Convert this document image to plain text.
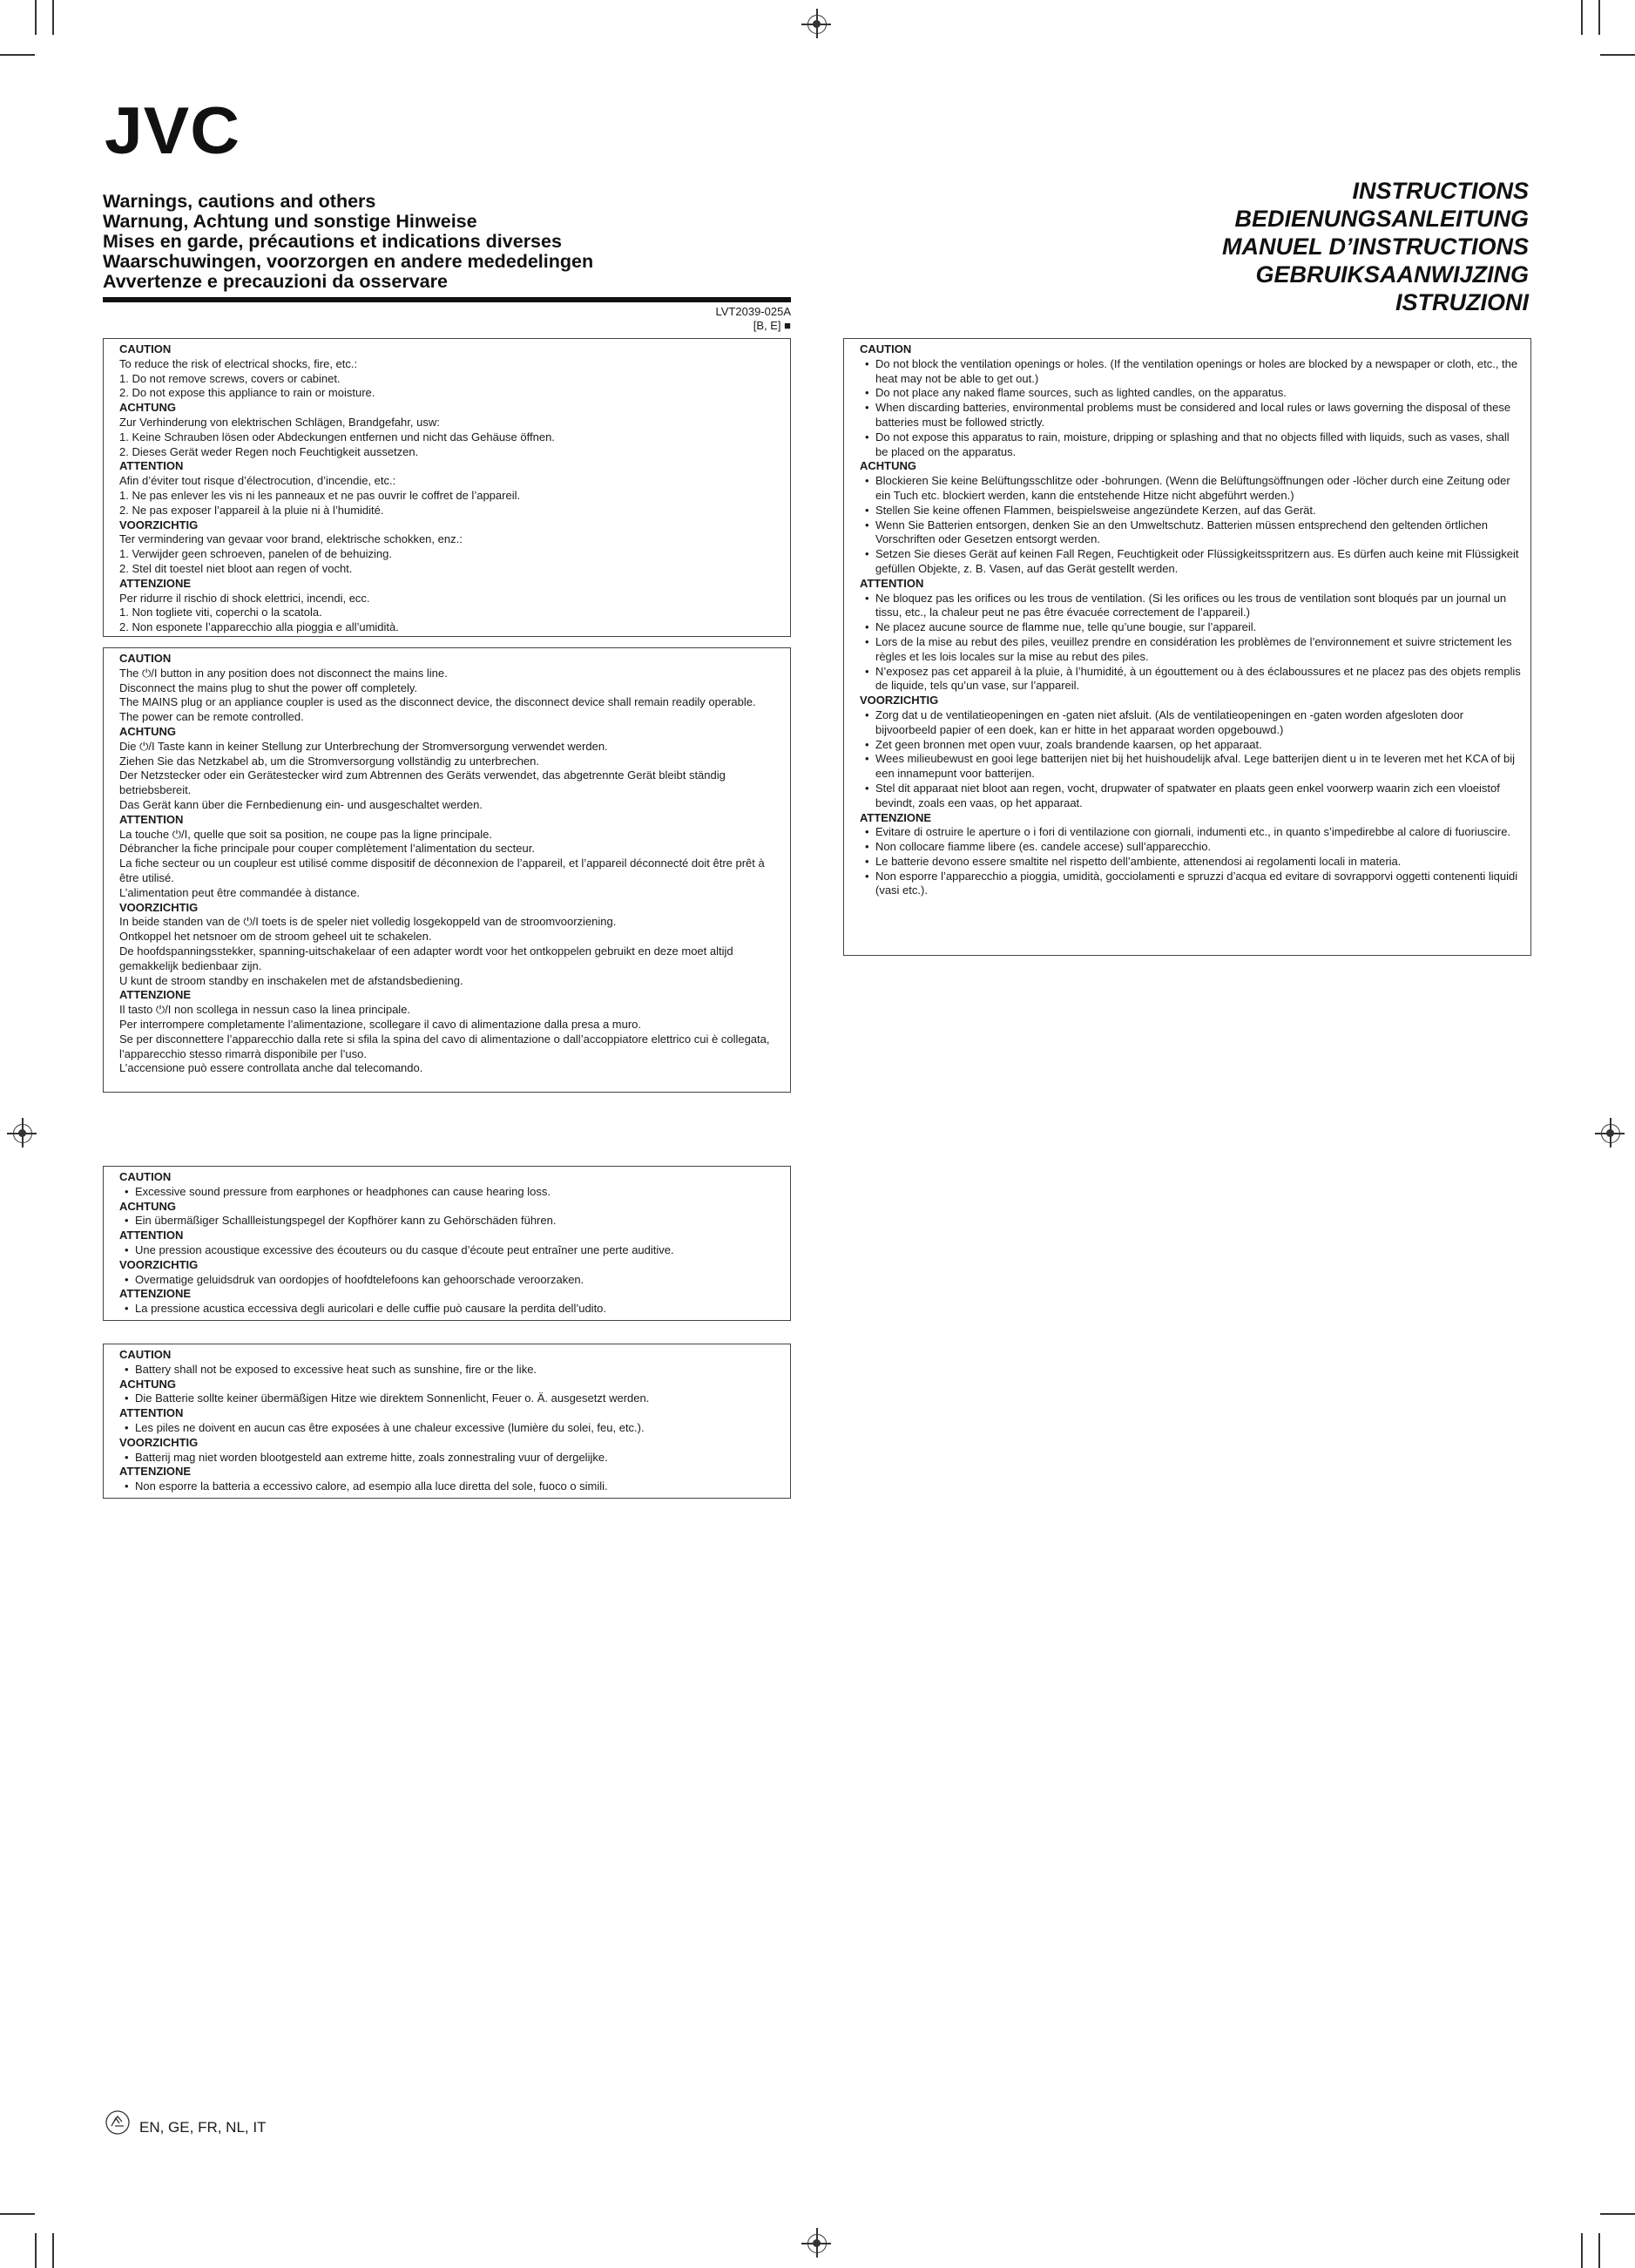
JVC
Warnings, cautions and others
Warnung, Achtung und sonstige Hinweise
Mises en garde, précautions et indications diverses
Waarschuwingen, voorzorgen en andere mededelingen
Avvertenze e precauzioni da osservare
LVT2039-025A
[B, E] ■
INSTRUCTIONS
BEDIENUNGSANLEITUNG
MANUEL D’INSTRUCTIONS
GEBRUIKSAANWIJZING
ISTRUZIONI
CAUTION
To reduce the risk of electrical shocks, fire, etc.:
1. Do not remove screws, covers or cabinet.
2. Do not expose this appliance to rain or moisture.
ACHTUNG
Zur Verhinderung von elektrischen Schlägen, Brandgefahr, usw:
1. Keine Schrauben lösen oder Abdeckungen entfernen und nicht das Gehäuse öffnen.
2. Dieses Gerät weder Regen noch Feuchtigkeit aussetzen.
ATTENTION
Afin d’éviter tout risque d’électrocution, d’incendie, etc.:
1. Ne pas enlever les vis ni les panneaux et ne pas ouvrir le coffret de l’appareil.
2. Ne pas exposer l’appareil à la pluie ni à l’humidité.
VOORZICHTIG
Ter vermindering van gevaar voor brand, elektrische schokken, enz.:
1. Verwijder geen schroeven, panelen of de behuizing.
2. Stel dit toestel niet bloot aan regen of vocht.
ATTENZIONE
Per ridurre il rischio di shock elettrici, incendi, ecc.
1. Non togliete viti, coperchi o la scatola.
2. Non esponete l’apparecchio alla pioggia e all’umidità.
CAUTION
The ⏻/I button in any position does not disconnect the mains line.
Disconnect the mains plug to shut the power off completely.
The MAINS plug or an appliance coupler is used as the disconnect device, the disconnect device shall remain readily operable.
The power can be remote controlled.
ACHTUNG
Die ⏻/I Taste kann in keiner Stellung zur Unterbrechung der Stromversorgung verwendet werden.
Ziehen Sie das Netzkabel ab, um die Stromversorgung vollständig zu unterbrechen.
Der Netzstecker oder ein Gerätestecker wird zum Abtrennen des Geräts verwendet, das abgetrennte Gerät bleibt ständig betriebsbereit.
Das Gerät kann über die Fernbedienung ein- und ausgeschaltet werden.
ATTENTION
La touche ⏻/I, quelle que soit sa position, ne coupe pas la ligne principale.
Débrancher la fiche principale pour couper complètement l’alimentation du secteur.
La fiche secteur ou un coupleur est utilisé comme dispositif de déconnexion de l’appareil, et l’appareil déconnecté doit être prêt à être utilisé.
L’alimentation peut être commandée à distance.
VOORZICHTIG
In beide standen van de ⏻/I toets is de speler niet volledig losgekoppeld van de stroomvoorziening.
Ontkoppel het netsnoer om de stroom geheel uit te schakelen.
De hoofdspanningsstekker, spanning-uitschakelaar of een adapter wordt voor het ontkoppelen gebruikt en deze moet altijd gemakkelijk bedienbaar zijn.
U kunt de stroom standby en inschakelen met de afstandsbediening.
ATTENZIONE
Il tasto ⏻/I non scollega in nessun caso la linea principale.
Per interrompere completamente l’alimentazione, scollegare il cavo di alimentazione dalla presa a muro.
Se per disconnettere l’apparecchio dalla rete si sfila la spina del cavo di alimentazione o dall’accoppiatore elettrico cui è collegata, l’apparecchio stesso rimarrà disponibile per l’uso.
L’accensione può essere controllata anche dal telecomando.
CAUTION
• Excessive sound pressure from earphones or headphones can cause hearing loss.
ACHTUNG
• Ein übermäßiger Schallleistungspegel der Kopfhörer kann zu Gehörschäden führen.
ATTENTION
• Une pression acoustique excessive des écouteurs ou du casque d’écoute peut entraîner une perte auditive.
VOORZICHTIG
• Overmatige geluidsdruk van oordopjes of hoofdtelefoons kan gehoorschade veroorzaken.
ATTENZIONE
• La pressione acustica eccessiva degli auricolari e delle cuffie può causare la perdita dell’udito.
CAUTION
• Battery shall not be exposed to excessive heat such as sunshine, fire or the like.
ACHTUNG
• Die Batterie sollte keiner übermäßigen Hitze wie direktem Sonnenlicht, Feuer o. Ä. ausgesetzt werden.
ATTENTION
• Les piles ne doivent en aucun cas être exposées à une chaleur excessive (lumière du solei, feu, etc.).
VOORZICHTIG
• Batterij mag niet worden blootgesteld aan extreme hitte, zoals zonnestraling vuur of dergelijke.
ATTENZIONE
• Non esporre la batteria a eccessivo calore, ad esempio alla luce diretta del sole, fuoco o simili.
CAUTION
• Do not block the ventilation openings or holes. (If the ventilation openings or holes are blocked by a newspaper or cloth, etc., the heat may not be able to get out.)
• Do not place any naked flame sources, such as lighted candles, on the apparatus.
• When discarding batteries, environmental problems must be considered and local rules or laws governing the disposal of these batteries must be followed strictly.
• Do not expose this apparatus to rain, moisture, dripping or splashing and that no objects filled with liquids, such as vases, shall be placed on the apparatus.
ACHTUNG
• Blockieren Sie keine Belüftungsschlitze oder -bohrungen. (Wenn die Belüftungsöffnungen oder -löcher durch eine Zeitung oder ein Tuch etc. blockiert werden, kann die entstehende Hitze nicht abgeführt werden.)
• Stellen Sie keine offenen Flammen, beispielsweise angezündete Kerzen, auf das Gerät.
• Wenn Sie Batterien entsorgen, denken Sie an den Umweltschutz. Batterien müssen entsprechend den geltenden örtlichen Vorschriften oder Gesetzen entsorgt werden.
• Setzen Sie dieses Gerät auf keinen Fall Regen, Feuchtigkeit oder Flüssigkeitsspritzern aus. Es dürfen auch keine mit Flüssigkeit gefüllen Objekte, z. B. Vasen, auf das Gerät gestellt werden.
ATTENTION
• Ne bloquez pas les orifices ou les trous de ventilation. (Si les orifices ou les trous de ventilation sont bloqués par un journal un tissu, etc., la chaleur peut ne pas être évacuée correctement de l’appareil.)
• Ne placez aucune source de flamme nue, telle qu’une bougie, sur l’appareil.
• Lors de la mise au rebut des piles, veuillez prendre en considération les problèmes de l’environnement et suivre strictement les règles et les lois locales sur la mise au rebut des piles.
• N’exposez pas cet appareil à la pluie, à l’humidité, à un égouttement ou à des éclaboussures et ne placez pas des objets remplis de liquide, tels qu’un vase, sur l’appareil.
VOORZICHTIG
• Zorg dat u de ventilatieopeningen en -gaten niet afsluit. (Als de ventilatieopeningen en -gaten worden afgesloten door bijvoorbeeld papier of een doek, kan er hitte in het apparaat worden opgebouwd.)
• Zet geen bronnen met open vuur, zoals brandende kaarsen, op het apparaat.
• Wees milieubewust en gooi lege batterijen niet bij het huishoudelijk afval. Lege batterijen dient u in te leveren met het KCA of bij een innamepunt voor batterijen.
• Stel dit apparaat niet bloot aan regen, vocht, drupwater of spatwater en plaats geen enkel voorwerp waarin zich een vloeistof bevindt, zoals een vaas, op het apparaat.
ATTENZIONE
• Evitare di ostruire le aperture o i fori di ventilazione con giornali, indumenti etc., in quanto s’impedirebbe al calore di fuoriuscire.
• Non collocare fiamme libere (es. candele accese) sull’apparecchio.
• Le batterie devono essere smaltite nel rispetto dell’ambiente, attenendosi ai regolamenti locali in materia.
• Non esporre l’apparecchio a pioggia, umidità, gocciolamenti e spruzzi d’acqua ed evitare di sovrapporvi oggetti contenenti liquidi (vasi etc.).
EN, GE, FR, NL, IT
